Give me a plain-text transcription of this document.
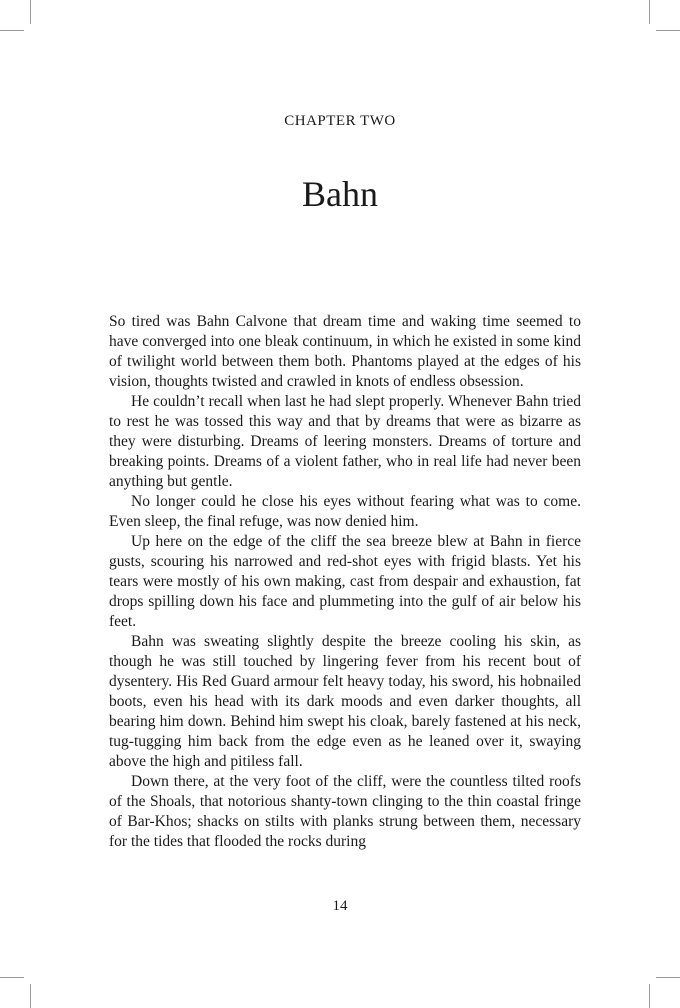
CHAPTER TWO
Bahn

So tired was Bahn Calvone that dream time and waking time seemed to have converged into one bleak continuum, in which he existed in some kind of twilight world between them both. Phantoms played at the edges of his vision, thoughts twisted and crawled in knots of endless obsession.

He couldn’t recall when last he had slept properly. Whenever Bahn tried to rest he was tossed this way and that by dreams that were as bizarre as they were disturbing. Dreams of leering monsters. Dreams of torture and breaking points. Dreams of a violent father, who in real life had never been anything but gentle.

No longer could he close his eyes without fearing what was to come. Even sleep, the final refuge, was now denied him.

Up here on the edge of the cliff the sea breeze blew at Bahn in fierce gusts, scouring his narrowed and red-shot eyes with frigid blasts. Yet his tears were mostly of his own making, cast from despair and exhaustion, fat drops spilling down his face and plummeting into the gulf of air below his feet.

Bahn was sweating slightly despite the breeze cooling his skin, as though he was still touched by lingering fever from his recent bout of dysentery. His Red Guard armour felt heavy today, his sword, his hobnailed boots, even his head with its dark moods and even darker thoughts, all bearing him down. Behind him swept his cloak, barely fastened at his neck, tug-tugging him back from the edge even as he leaned over it, swaying above the high and pitiless fall.

Down there, at the very foot of the cliff, were the countless tilted roofs of the Shoals, that notorious shanty-town clinging to the thin coastal fringe of Bar-Khos; shacks on stilts with planks strung between them, necessary for the tides that flooded the rocks during

14
